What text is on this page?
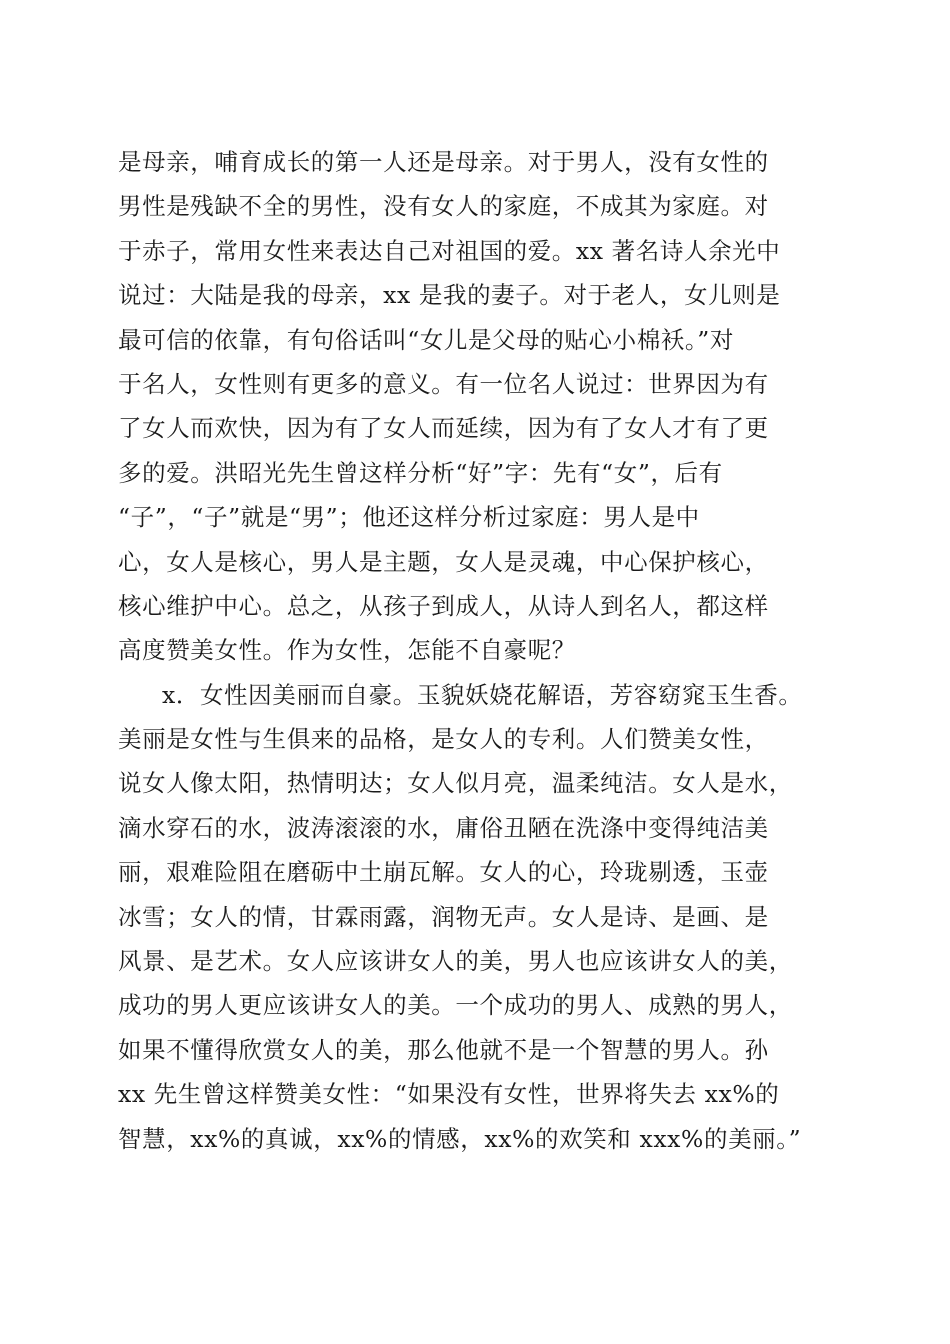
是母亲，哺育成长的第一人还是母亲。对于男人，没有女性的
男性是残缺不全的男性，没有女人的家庭，不成其为家庭。对
于赤子，常用女性来表达自己对祖国的爱。xx 著名诗人余光中
说过：大陆是我的母亲，xx 是我的妻子。对于老人，女儿则是
最可信的依靠，有句俗话叫“女儿是父母的贴心小棉袄。”对
于名人，女性则有更多的意义。有一位名人说过：世界因为有
了女人而欢快，因为有了女人而延续，因为有了女人才有了更
多的爱。洪昭光先生曾这样分析“好”字：先有“女”，后有
“子”，“子”就是“男”；他还这样分析过家庭：男人是中
心，女人是核心，男人是主题，女人是灵魂，中心保护核心，
核心维护中心。总之，从孩子到成人，从诗人到名人，都这样
高度赞美女性。作为女性，怎能不自豪呢？
x．女性因美丽而自豪。玉貌妖娆花解语，芳容窈窕玉生香。
美丽是女性与生俱来的品格，是女人的专利。人们赞美女性，
说女人像太阳，热情明达；女人似月亮，温柔纯洁。女人是水，
滴水穿石的水，波涛滚滚的水，庸俗丑陋在洗涤中变得纯洁美
丽，艰难险阻在磨砺中土崩瓦解。女人的心，玲珑剔透，玉壶
冰雪；女人的情，甘霖雨露，润物无声。女人是诗、是画、是
风景、是艺术。女人应该讲女人的美，男人也应该讲女人的美，
成功的男人更应该讲女人的美。一个成功的男人、成熟的男人，
如果不懂得欣赏女人的美，那么他就不是一个智慧的男人。孙
xx 先生曾这样赞美女性：“如果没有女性，世界将失去 xx%的
智慧，xx%的真诚，xx%的情感，xx%的欢笑和 xxx%的美丽。”
